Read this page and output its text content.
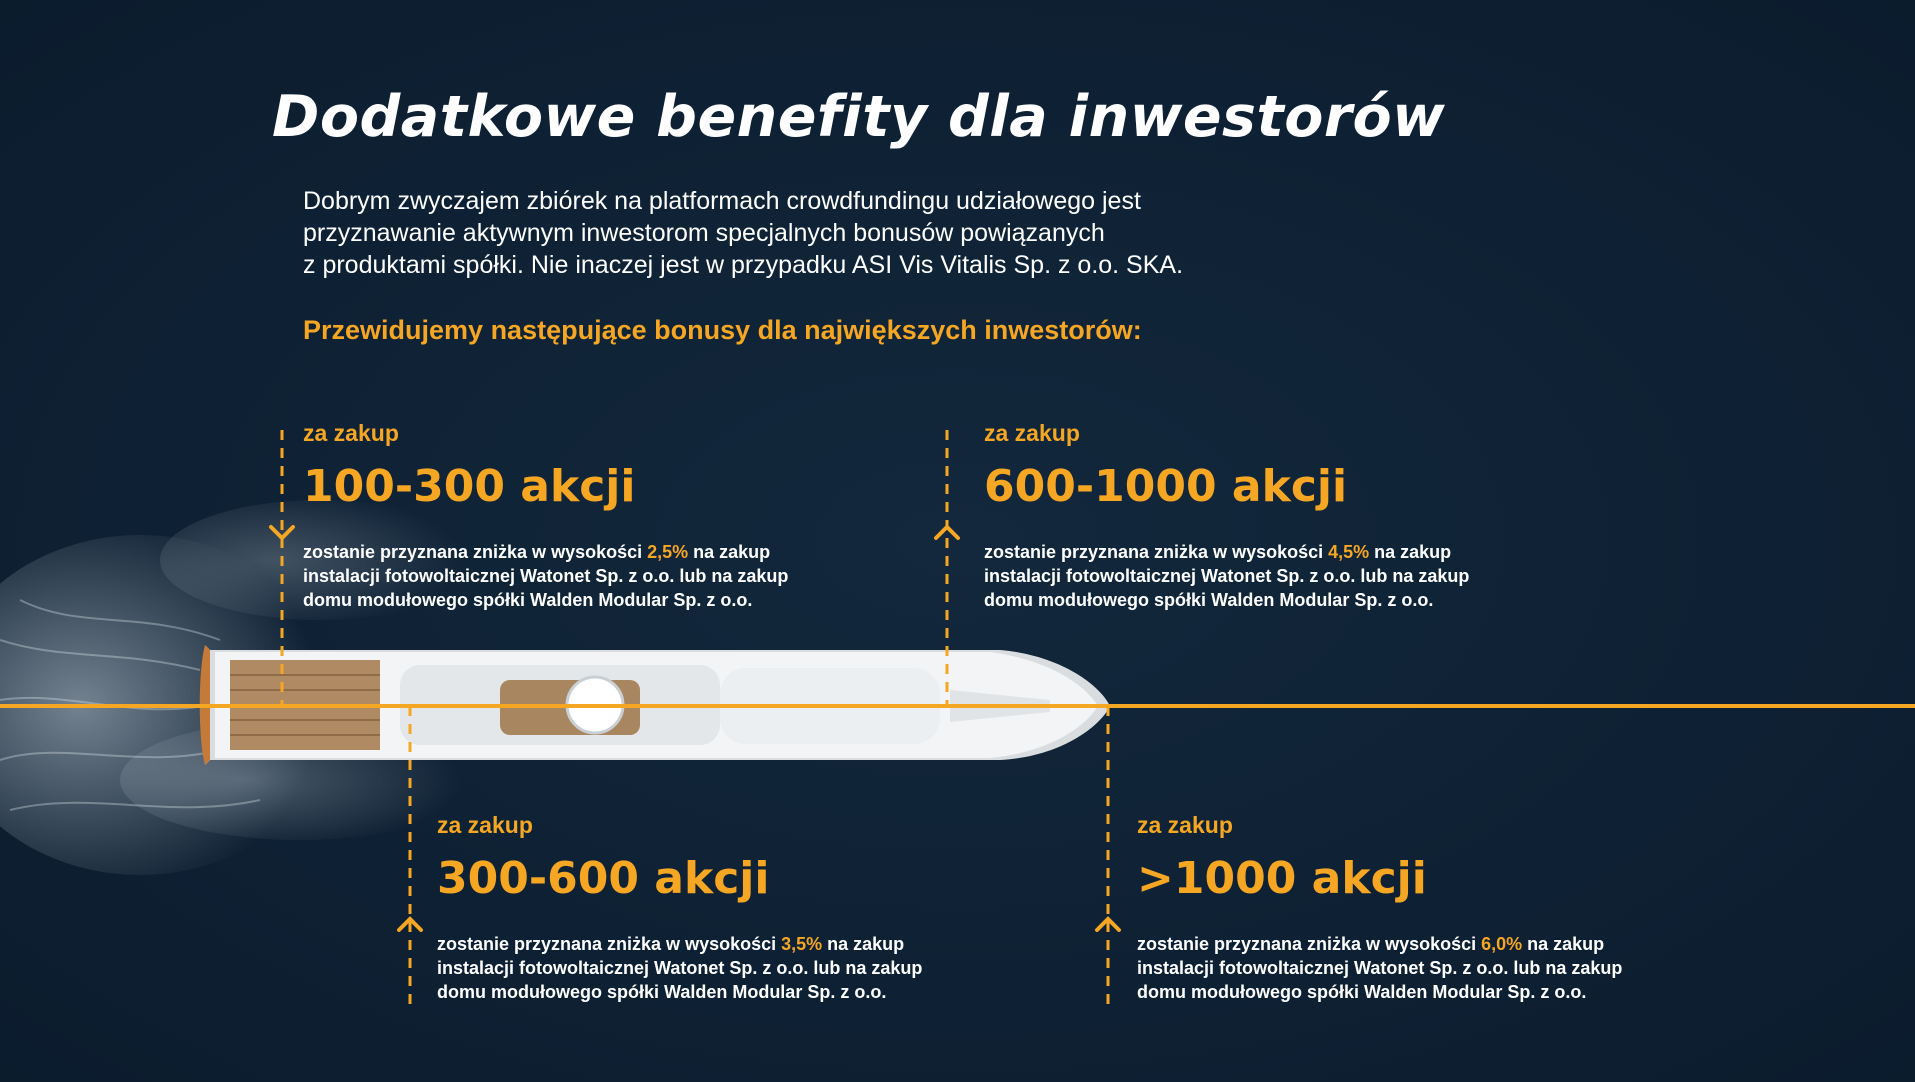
Dodatkowe benefity dla inwestorów
Dobrym zwyczajem zbiórek na platformach crowdfundingu udziałowego jest
przyznawanie aktywnym inwestorom specjalnych bonusów powiązanych
z produktami spółki. Nie inaczej jest w przypadku ASI Vis Vitalis Sp. z o.o. SKA.
Przewidujemy następujące bonusy dla największych inwestorów:
za zakup
100-300 akcji
zostanie przyznana zniżka w wysokości 2,5% na zakup
instalacji fotowoltaicznej Watonet Sp. z o.o. lub na zakup
domu modułowego spółki Walden Modular Sp. z o.o.
za zakup
600-1000 akcji
zostanie przyznana zniżka w wysokości 4,5% na zakup
instalacji fotowoltaicznej Watonet Sp. z o.o. lub na zakup
domu modułowego spółki Walden Modular Sp. z o.o.
za zakup
300-600 akcji
zostanie przyznana zniżka w wysokości 3,5% na zakup
instalacji fotowoltaicznej Watonet Sp. z o.o. lub na zakup
domu modułowego spółki Walden Modular Sp. z o.o.
za zakup
>1000 akcji
zostanie przyznana zniżka w wysokości 6,0% na zakup
instalacji fotowoltaicznej Watonet Sp. z o.o. lub na zakup
domu modułowego spółki Walden Modular Sp. z o.o.
